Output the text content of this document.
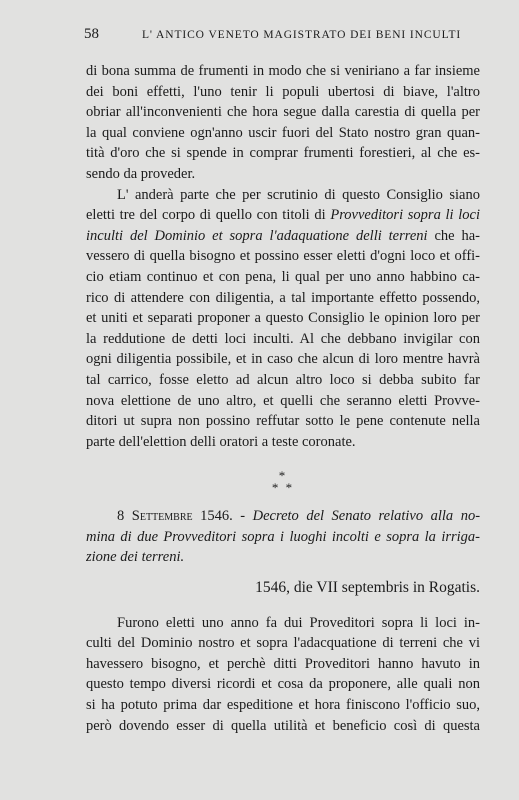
58	L' ANTICO VENETO MAGISTRATO DEI BENI INCULTI
di bona summa de frumenti in modo che si veniriano a far insieme
dei boni effetti, l'uno tenir li populi ubertosi di biave, l'altro
obriar all'inconvenienti che hora segue dalla carestia di quella per
la qual conviene ogn'anno uscir fuori del Stato nostro gran quan-
tità d'oro che si spende in comprar frumenti forestieri, al che es-
sendo da proveder.
L' anderà parte che per scrutinio di questo Consiglio siano
eletti tre del corpo di quello con titoli di Provveditori sopra li loci
inculti del Dominio et sopra l'adaquatione delli terreni che ha-
vessero di quella bisogno et possino esser eletti d'ogni loco et offi-
cio etiam continuo et con pena, li qual per uno anno habbino ca-
rico di attendere con diligentia, a tal importante effetto possendo,
et uniti et separati proponer a questo Consiglio le opinion loro per
la reddutione de detti loci inculti. Al che debbano invigilar con
ogni diligentia possibile, et in caso che alcun di loro mentre havrà
tal carrico, fosse eletto ad alcun altro loco si debba subito far
nova elettione de uno altro, et quelli che seranno eletti Provve-
ditori ut supra non possino reffutar sotto le pene contenute nella
parte dell'elettion delli oratori a teste coronate.
*
* *
8 Settembre 1546. - Decreto del Senato relativo alla no-
mina di due Provveditori sopra i luoghi incolti e sopra la irriga-
zione dei terreni.
1546, die VII septembris in Rogatis.
Furono eletti uno anno fa dui Proveditori sopra li loci in-
culti del Dominio nostro et sopra l'adacquatione di terreni che vi
havessero bisogno, et perchè ditti Proveditori hanno havuto in
questo tempo diversi ricordi et cosa da proponere, alle quali non
si ha potuto prima dar espeditione et hora finiscono l'officio suo,
però dovendo esser di quella utilità et beneficio così di questa
